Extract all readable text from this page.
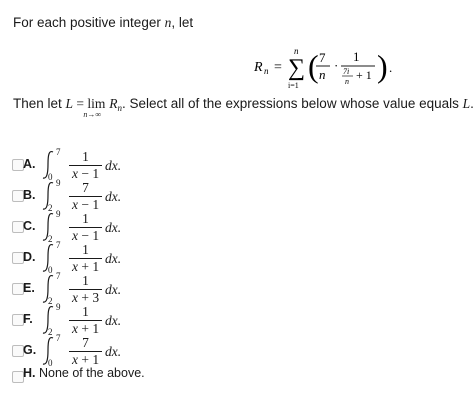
For each positive integer n, let
R n =
n
∑
i=1
( 7
n
·
1
7i
n + 1 ) .
Then let L = lim
n→∞
$R_n$. Select all of the expressions below whose value equals L.
A.
7
0
1
x − 1
dx.
B.
9
2
7
x − 1
dx.
C.
9
2
1
x − 1
dx.
D.
7
0
1
x + 1
dx.
E.
7
2
1
x + 3
dx.
F.
9
2
1
x + 1
dx.
G.
7
0
7
x + 1
dx.
H. None of the above.
